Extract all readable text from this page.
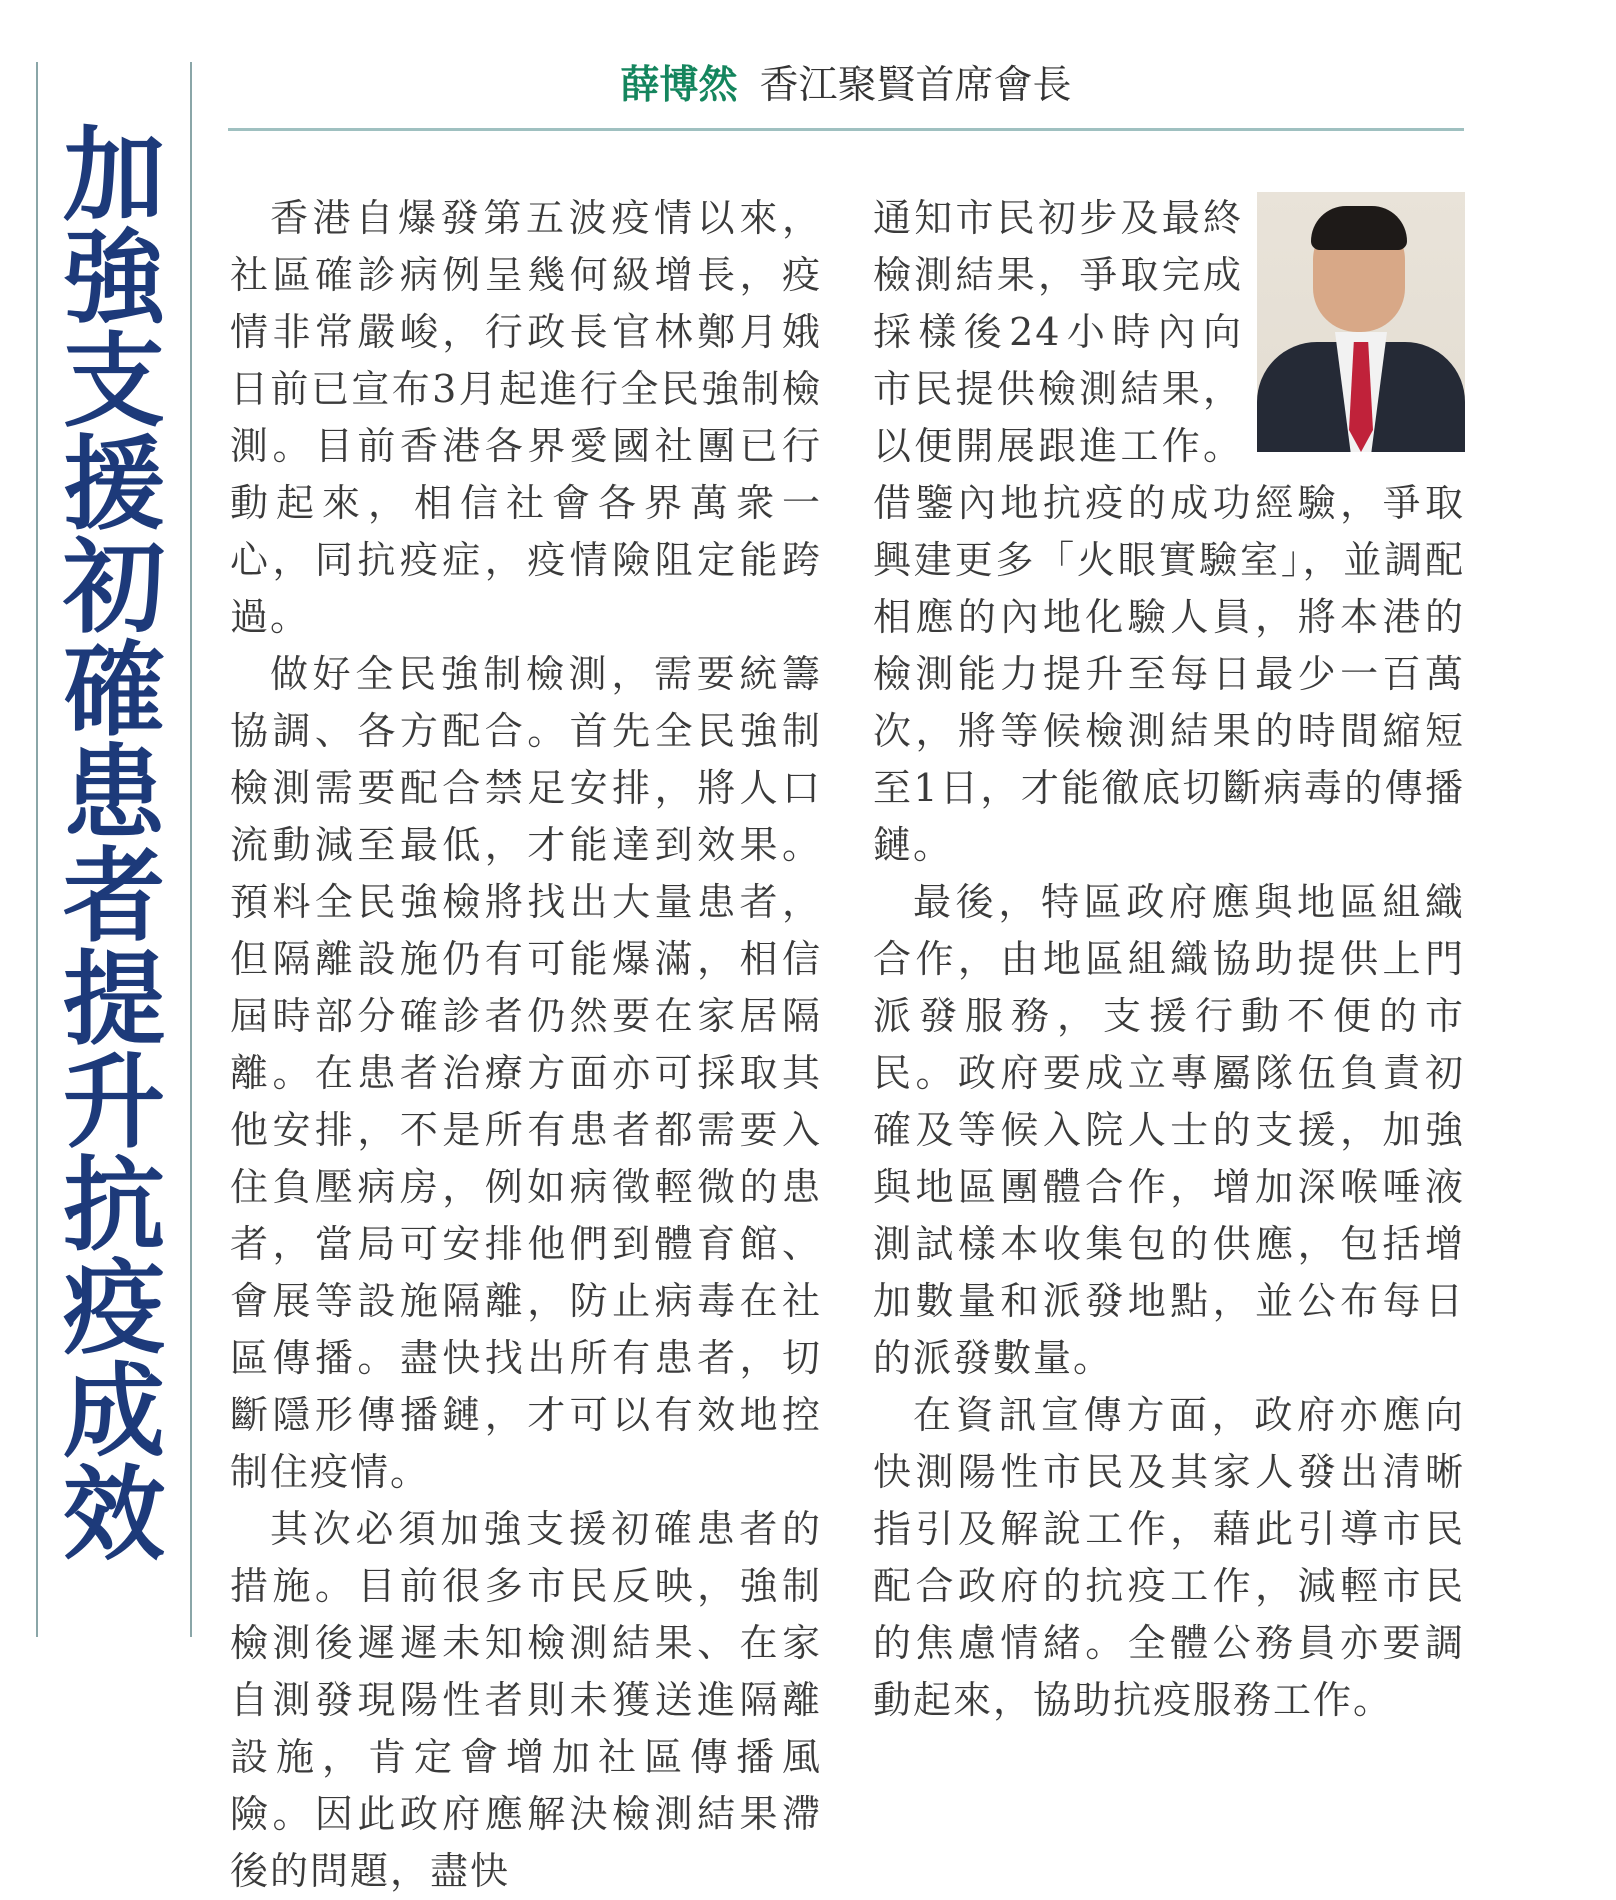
加強支援初確患者提升抗疫成效
薛博然 香江聚賢首席會長

香港自爆發第五波疫情以來，社區確診病例呈幾何級增長，疫情非常嚴峻，行政長官林鄭月娥日前已宣布3月起進行全民強制檢測。目前香港各界愛國社團已行動起來，相信社會各界萬衆一心，同抗疫症，疫情險阻定能跨過。

做好全民強制檢測，需要統籌協調、各方配合。首先全民強制檢測需要配合禁足安排，將人口流動減至最低，才能達到效果。預料全民強檢將找出大量患者，但隔離設施仍有可能爆滿，相信屆時部分確診者仍然要在家居隔離。在患者治療方面亦可採取其他安排，不是所有患者都需要入住負壓病房，例如病徵輕微的患者，當局可安排他們到體育館、會展等設施隔離，防止病毒在社區傳播。盡快找出所有患者，切斷隱形傳播鏈，才可以有效地控制住疫情。

其次必須加強支援初確患者的措施。目前很多市民反映，強制檢測後遲遲未知檢測結果、在家自測發現陽性者則未獲送進隔離設施，肯定會增加社區傳播風險。因此政府應解決檢測結果滯後的問題，盡快

通知市民初步及最終檢測結果，爭取完成採樣後24小時內向市民提供檢測結果，以便開展跟進工作。借鑒內地抗疫的成功經驗，爭取興建更多「火眼實驗室」，並調配相應的內地化驗人員，將本港的檢測能力提升至每日最少一百萬次，將等候檢測結果的時間縮短至1日，才能徹底切斷病毒的傳播鏈。

最後，特區政府應與地區組織合作，由地區組織協助提供上門派發服務，支援行動不便的市民。政府要成立專屬隊伍負責初確及等候入院人士的支援，加強與地區團體合作，增加深喉唾液測試樣本收集包的供應，包括增加數量和派發地點，並公布每日的派發數量。

在資訊宣傳方面，政府亦應向快測陽性市民及其家人發出清晰指引及解說工作，藉此引導市民配合政府的抗疫工作，減輕市民的焦慮情緒。全體公務員亦要調動起來，協助抗疫服務工作。
